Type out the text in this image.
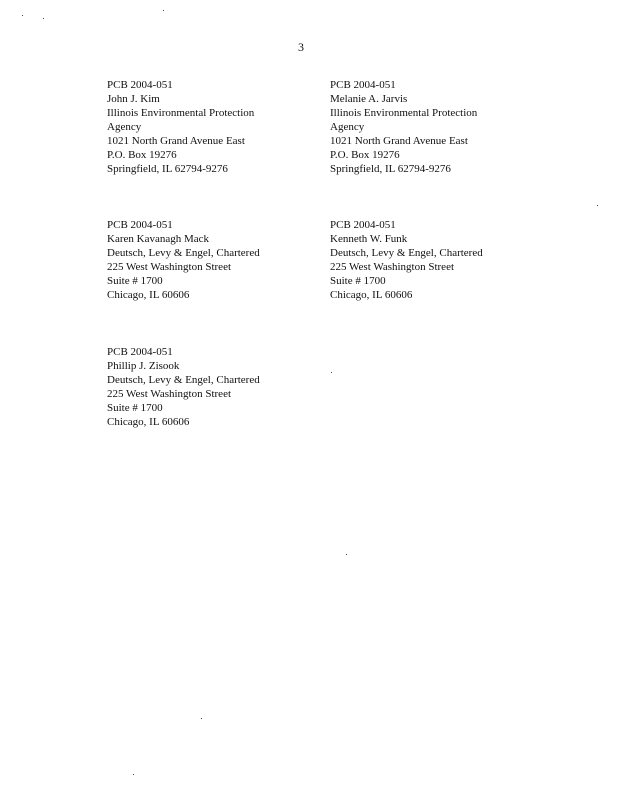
3
PCB 2004-051
John J. Kim
Illinois Environmental Protection
Agency
1021 North Grand Avenue East
P.O. Box 19276
Springfield, IL 62794-9276
PCB 2004-051
Melanie A. Jarvis
Illinois Environmental Protection
Agency
1021 North Grand Avenue East
P.O. Box 19276
Springfield, IL 62794-9276
PCB 2004-051
Karen Kavanagh Mack
Deutsch, Levy & Engel, Chartered
225 West Washington Street
Suite # 1700
Chicago, IL 60606
PCB 2004-051
Kenneth W. Funk
Deutsch, Levy & Engel, Chartered
225 West Washington Street
Suite # 1700
Chicago, IL 60606
PCB 2004-051
Phillip J. Zisook
Deutsch, Levy & Engel, Chartered
225 West Washington Street
Suite # 1700
Chicago, IL 60606
